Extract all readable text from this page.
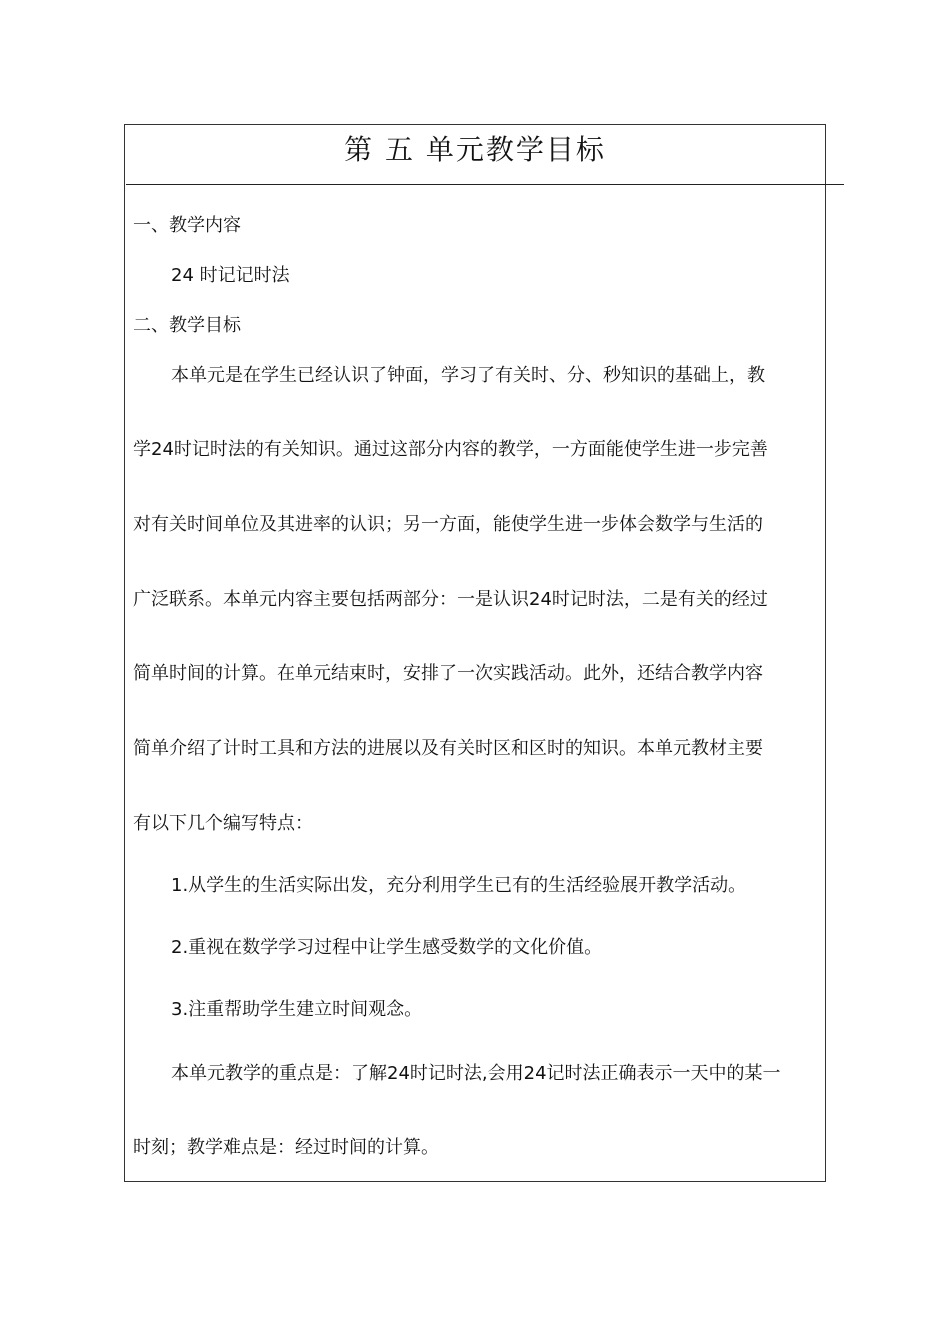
第 五 单元教学目标
一、教学内容
24 时记记时法
二、教学目标
本单元是在学生已经认识了钟面，学习了有关时、分、秒知识的基础上，教
学24时记时法的有关知识。通过这部分内容的教学，一方面能使学生进一步完善
对有关时间单位及其进率的认识；另一方面，能使学生进一步体会数学与生活的
广泛联系。本单元内容主要包括两部分：一是认识24时记时法，二是有关的经过
简单时间的计算。在单元结束时，安排了一次实践活动。此外，还结合教学内容
简单介绍了计时工具和方法的进展以及有关时区和区时的知识。本单元教材主要
有以下几个编写特点：
1.从学生的生活实际出发，充分利用学生已有的生活经验展开教学活动。
2.重视在数学学习过程中让学生感受数学的文化价值。
3.注重帮助学生建立时间观念。
本单元教学的重点是：了解24时记时法,会用24记时法正确表示一天中的某一
时刻；教学难点是：经过时间的计算。
